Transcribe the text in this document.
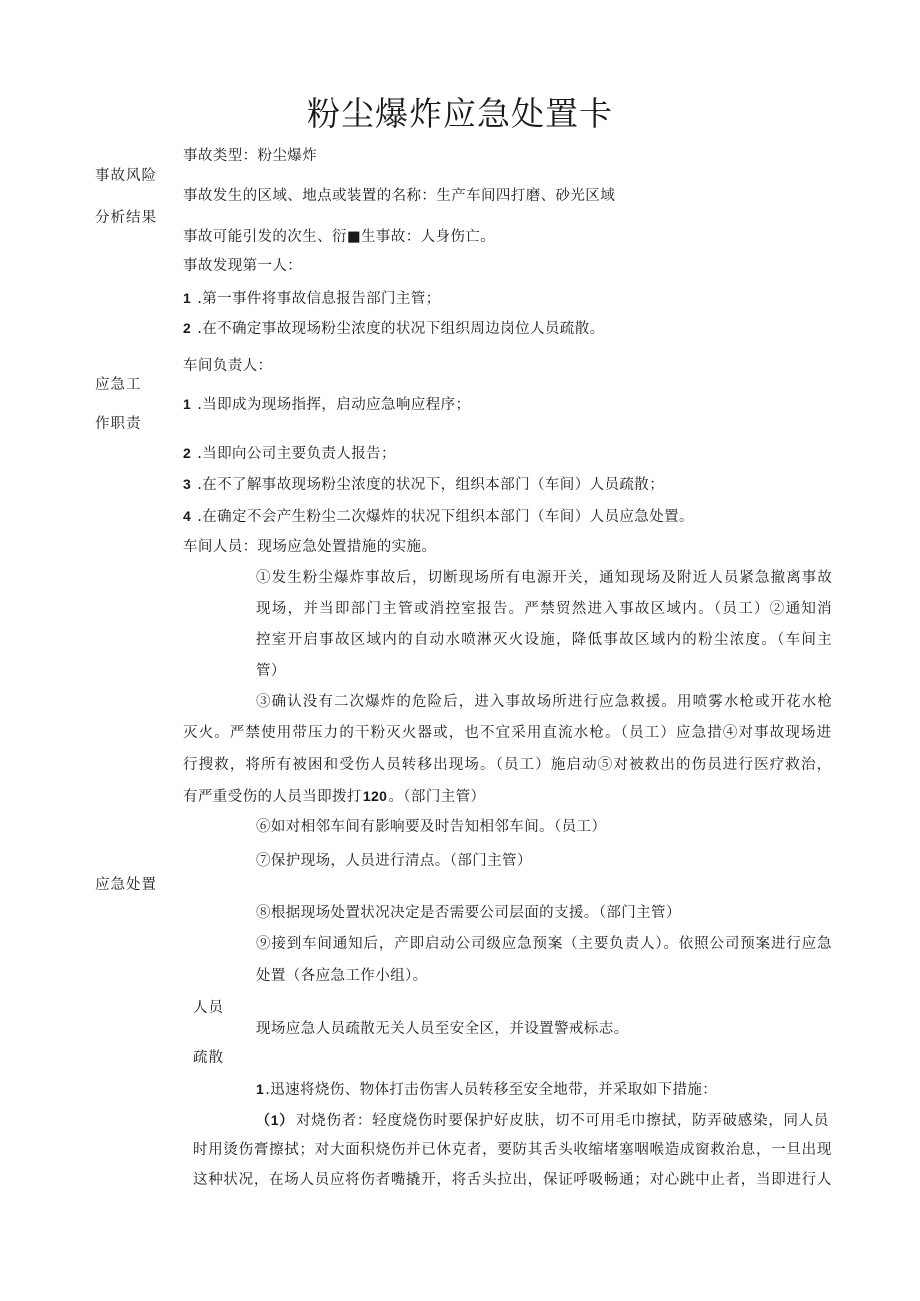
粉尘爆炸应急处置卡
事故风险
分析结果
应急工
作职责
应急处置
人员
疏散
事故类型：粉尘爆炸
事故发生的区域、地点或装置的名称：生产车间四打磨、砂光区域
事故可能引发的次生、衍■生事故：人身伤亡。
事故发现第一人：
1 .第一事件将事故信息报告部门主管；
2 .在不确定事故现场粉尘浓度的状况下组织周边岗位人员疏散。
车间负责人：
1 .当即成为现场指挥，启动应急响应程序；
2 .当即向公司主要负责人报告；
3 .在不了解事故现场粉尘浓度的状况下，组织本部门（车间）人员疏散；
4 .在确定不会产生粉尘二次爆炸的状况下组织本部门（车间）人员应急处置。
车间人员：现场应急处置措施的实施。
①发生粉尘爆炸事故后，切断现场所有电源开关，通知现场及附近人员紧急撤离事故
现场，并当即部门主管或消控室报告。严禁贸然进入事故区域内。（员工）②通知消
控室开启事故区域内的自动水喷淋灭火设施，降低事故区域内的粉尘浓度。（车间主
管）
③确认没有二次爆炸的危险后，进入事故场所进行应急救援。用喷雾水枪或开花水枪
灭火。严禁使用带压力的干粉灭火器或，也不宜采用直流水枪。（员工）应急措④对事故现场进
行搜救，将所有被困和受伤人员转移出现场。（员工）施启动⑤对被救出的伤员进行医疗救治，
有严重受伤的人员当即拨打120。（部门主管）
⑥如对相邻车间有影响要及时告知相邻车间。（员工）
⑦保护现场，人员进行清点。（部门主管）
⑧根据现场处置状况决定是否需要公司层面的支援。（部门主管）
⑨接到车间通知后，产即启动公司级应急预案（主要负责人）。依照公司预案进行应急
处置（各应急工作小组）。
现场应急人员疏散无关人员至安全区，并设置警戒标志。
1.迅速将烧伤、物体打击伤害人员转移至安全地带，并采取如下措施：
（1） 对烧伤者：轻度烧伤时要保护好皮肤，切不可用毛巾擦拭，防弄破感染，同人员
时用烫伤膏擦拭；对大面积烧伤并已休克者，要防其舌头收缩堵塞咽喉造成窗救治息，一旦出现
这种状况，在场人员应将伤者嘴撬开，将舌头拉出，保证呼吸畅通；对心跳中止者，当即进行人
